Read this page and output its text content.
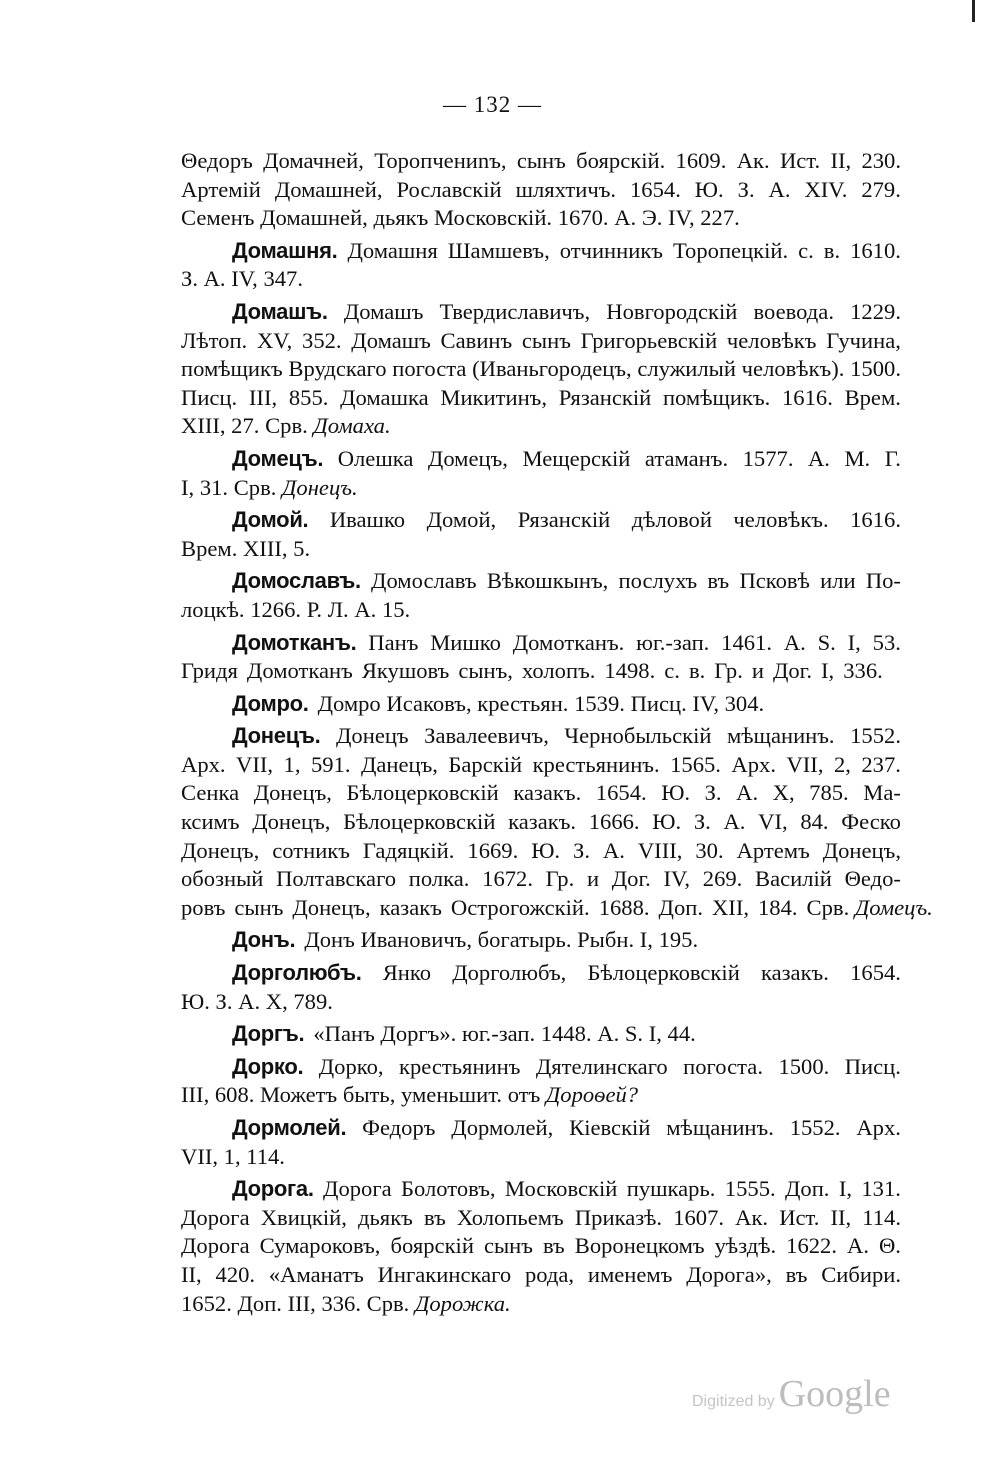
— 132 —
Θедоръ Домачней, Торопчениnъ, сынъ боярскій. 1609. Ак. Ист. II, 230.
Артемій Домашней, Рославскій шляхтичъ. 1654. Ю. З. А. XIV. 279.
Семенъ Домашней, дьякъ Московскій. 1670. А. Э. IV, 227.
Домашня. Домашня Шамшевъ, отчинникъ Торопецкій. с. в. 1610.
З. А. IV, 347.
Домашъ. Домашъ Твердиславичъ, Новгородскій воевода. 1229.
Лѣтоп. XV, 352. Домашъ Савинъ сынъ Григорьевскій человѣкъ Гучина,
помѣщикъ Врудскаго погоста (Иваньгородецъ, служилый человѣкъ). 1500.
Писц. III, 855. Домашка Микитинъ, Рязанскій помѣщикъ. 1616. Врем.
XIII, 27. Срв. Домаха.
Домецъ. Олешка Домецъ, Мещерскій атаманъ. 1577. А. М. Г.
I, 31. Срв. Донецъ.
Домой. Ивашко Домой, Рязанскій дѣловой человѣкъ. 1616.
Врем. XIII, 5.
Домославъ. Домославъ Вѣкошкынъ, послухъ въ Псковѣ или По-
лоцкѣ. 1266. Р. Л. А. 15.
Домотканъ. Панъ Мишко Домотканъ. юг.-зап. 1461. A. S. I, 53.
Гридя Домотканъ Якушовъ сынъ, холопъ. 1498. с. в. Гр. и Дог. I, 336.
Домро. Домро Исаковъ, крестьян. 1539. Писц. IV, 304.
Донецъ. Донецъ Завалеевичъ, Чернобыльскій мѣщанинъ. 1552.
Арх. VII, 1, 591. Данецъ, Барскій крестьянинъ. 1565. Арх. VII, 2, 237.
Сенка Донецъ, Бѣлоцерковскій казакъ. 1654. Ю. З. А. X, 785. Ма-
ксимъ Донецъ, Бѣлоцерковскій казакъ. 1666. Ю. З. А. VI, 84. Феско
Донецъ, сотникъ Гадяцкій. 1669. Ю. З. А. VIII, 30. Артемъ Донецъ,
обозный Полтавскаго полка. 1672. Гр. и Дог. IV, 269. Василій Θедо-
ровъ сынъ Донецъ, казакъ Острогожскій. 1688. Доп. XII, 184. Срв. Домецъ.
Донъ. Донъ Ивановичъ, богатырь. Рыбн. I, 195.
Дорголюбъ. Янко Дорголюбъ, Бѣлоцерковскій казакъ. 1654.
Ю. З. А. X, 789.
Доргъ. «Панъ Доргъ». юг.-зап. 1448. А. S. I, 44.
Дорко. Дорко, крестьянинъ Дятелинскаго погоста. 1500. Писц.
III, 608. Можетъ быть, уменьшит. отъ Дороѳей?
Дормолей. Федоръ Дормолей, Кіевскій мѣщанинъ. 1552. Арх.
VII, 1, 114.
Дорога. Дорога Болотовъ, Московскій пушкарь. 1555. Доп. I, 131.
Дорога Хвицкій, дьякъ въ Холопьемъ Приказѣ. 1607. Ак. Ист. II, 114.
Дорога Сумароковъ, боярскій сынъ въ Воронецкомъ уѣздѣ. 1622. А. Θ.
II, 420. «Аманатъ Ингакинскаго рода, именемъ Дорога», въ Сибири.
1652. Доп. III, 336. Срв. Дорожка.
Digitized by Google
